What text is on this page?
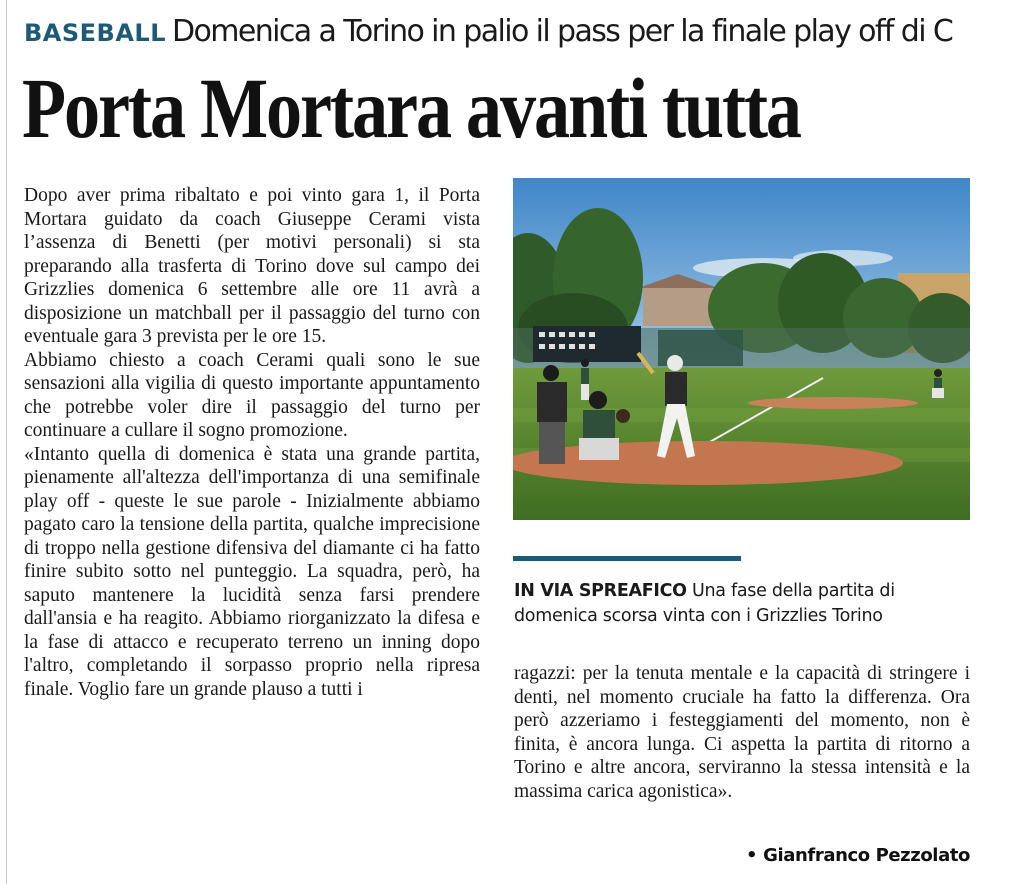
BASEBALL Domenica a Torino in palio il pass per la finale play off di C
Porta Mortara avanti tutta

Dopo aver prima ribaltato e poi vinto gara 1, il Porta Mortara guidato da coach Giuseppe Cerami vista l’assenza di Benetti (per motivi personali) si sta preparando alla trasferta di Torino dove sul campo dei Grizzlies domenica 6 settembre alle ore 11 avrà a disposizione un matchball per il passaggio del turno con eventuale gara 3 prevista per le ore 15.

Abbiamo chiesto a coach Cerami quali sono le sue sensazioni alla vigilia di questo importante appuntamento che potrebbe voler dire il passaggio del turno per continuare a cullare il sogno promozione.

«Intanto quella di domenica è stata una grande partita, pienamente all'altezza dell'importanza di una semifinale play off - queste le sue parole - Inizialmente abbiamo pagato caro la tensione della partita, qualche imprecisione di troppo nella gestione difensiva del diamante ci ha fatto finire subito sotto nel punteggio. La squadra, però, ha saputo mantenere la lucidità senza farsi prendere dall'ansia e ha reagito. Abbiamo riorganizzato la difesa e la fase di attacco e recuperato terreno un inning dopo l'altro, completando il sorpasso proprio nella ripresa finale. Voglio fare un grande plauso a tutti i

IN VIA SPREAFICO Una fase della partita di domenica scorsa vinta con i Grizzlies Torino

ragazzi: per la tenuta mentale e la capacità di stringere i denti, nel momento cruciale ha fatto la differenza. Ora però azzeriamo i festeggiamenti del momento, non è finita, è ancora lunga. Ci aspetta la partita di ritorno a Torino e altre ancora, serviranno la stessa intensità e la massima carica agonistica».

• Gianfranco Pezzolato
